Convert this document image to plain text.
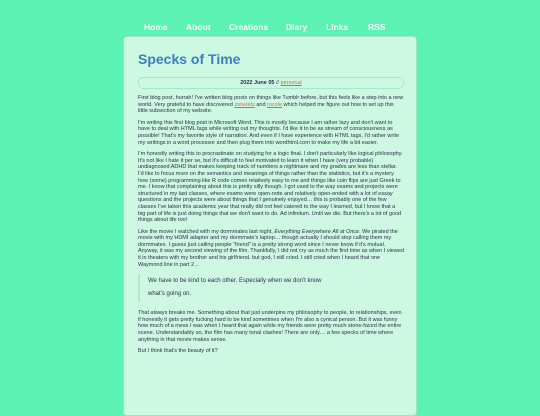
Home About Creations Diary Links RSS
Specks of Time
2022 June 05 // personal

First blog post, hurrah! I've written blog posts on things like Tumblr before, but this feels like a step into a new world. Very grateful to have discovered zonelets and rocole which helped me figure out how to set up this little subsection of my website.

I'm writing this first blog post in Microsoft Word. This is mostly because I am rather lazy and don't want to have to deal with HTML tags while writing out my thoughts. I'd like it to be as stream of consciousness as possible! That's my favorite style of narration. And even if I have experience with HTML tags, I'd rather write my writings in a word processor and then plug them into wordhtml.com to make my life a bit easier.

I'm honestly writing this to procrastinate on studying for a logic final. I don't particularly like logical philosophy. It's not like I hate it per se, but it's difficult to feel motivated to learn it when I have (very probable) undiagnosed ADHD that makes keeping track of numbers a nightmare and my grades are less than stellar. I'd like to focus more on the semantics and meanings of things rather than the statistics, but it's a mystery how (some) programming like R code comes relatively easy to me and things like coin flips are just Greek to me. I know that complaining about this is pretty silly though. I got used to the way exams and projects were structured in my last classes, where exams were open-note and relatively open-ended with a lot of essay questions and the projects were about things that I genuinely enjoyed… this is probably one of the few classes I've taken this academic year that really did not feel catered to the way I learned, but I know that a big part of life is just doing things that we don't want to do. Ad infinitum. Until we die. But there's a lot of good things about life too!

Like the movie I watched with my dormmates last night, Everything Everywhere All at Once. We pirated the movie with my HDMI adapter and my dormmate's laptop… though actually I should stop calling them my dormmates. I guess just calling people "friend" is a pretty strong word since I never know if it's mutual. Anyway, it was my second viewing of the film. Thankfully, I did not cry as much the first time as when I viewed it in theaters with my brother and his girlfriend, but god, I still cried. I still cried when I heard that one Waymond line in part 2…

We have to be kind to each other. Especially when we don't know
what's going on.

That always breaks me. Something about that just underpins my philosophy to people, to relationships, even if honestly it gets pretty fucking hard to be kind sometimes when I'm also a cynical person. But it was funny how much of a mess I was when I heard that again while my friends were pretty much stone-faced the entire scene. Understandably so, the film has many tonal clashes! There are only… a few specks of time where anything in that movie makes sense.

But I think that's the beauty of it?
